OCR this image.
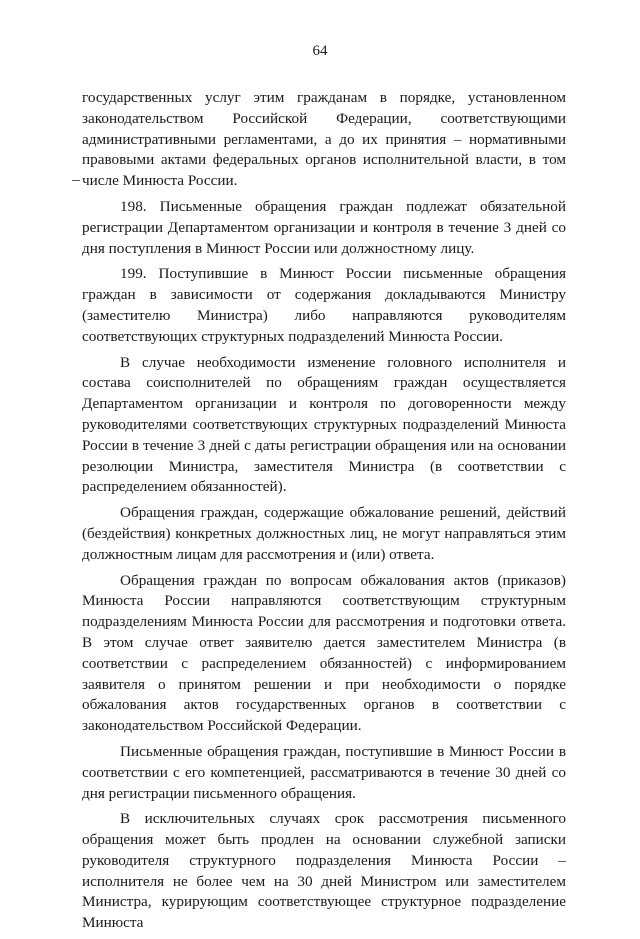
64

государственных услуг этим гражданам в порядке, установленном законодательством Российской Федерации, соответствующими административными регламентами, а до их принятия – нормативными правовыми актами федеральных органов исполнительной власти, в том числе Минюста России.

198. Письменные обращения граждан подлежат обязательной регистрации Департаментом организации и контроля в течение 3 дней со дня поступления в Минюст России или должностному лицу.

199. Поступившие в Минюст России письменные обращения граждан в зависимости от содержания докладываются Министру (заместителю Министра) либо направляются руководителям соответствующих структурных подразделений Минюста России.

В случае необходимости изменение головного исполнителя и состава соисполнителей по обращениям граждан осуществляется Департаментом организации и контроля по договоренности между руководителями соответствующих структурных подразделений Минюста России в течение 3 дней с даты регистрации обращения или на основании резолюции Министра, заместителя Министра (в соответствии с распределением обязанностей).

Обращения граждан, содержащие обжалование решений, действий (бездействия) конкретных должностных лиц, не могут направляться этим должностным лицам для рассмотрения и (или) ответа.

Обращения граждан по вопросам обжалования актов (приказов) Минюста России направляются соответствующим структурным подразделениям Минюста России для рассмотрения и подготовки ответа. В этом случае ответ заявителю дается заместителем Министра (в соответствии с распределением обязанностей) с информированием заявителя о принятом решении и при необходимости о порядке обжалования актов государственных органов в соответствии с законодательством Российской Федерации.

Письменные обращения граждан, поступившие в Минюст России в соответствии с его компетенцией, рассматриваются в течение 30 дней со дня регистрации письменного обращения.

В исключительных случаях срок рассмотрения письменного обращения может быть продлен на основании служебной записки руководителя структурного подразделения Минюста России – исполнителя не более чем на 30 дней Министром или заместителем Министра, курирующим соответствующее структурное подразделение Минюста
